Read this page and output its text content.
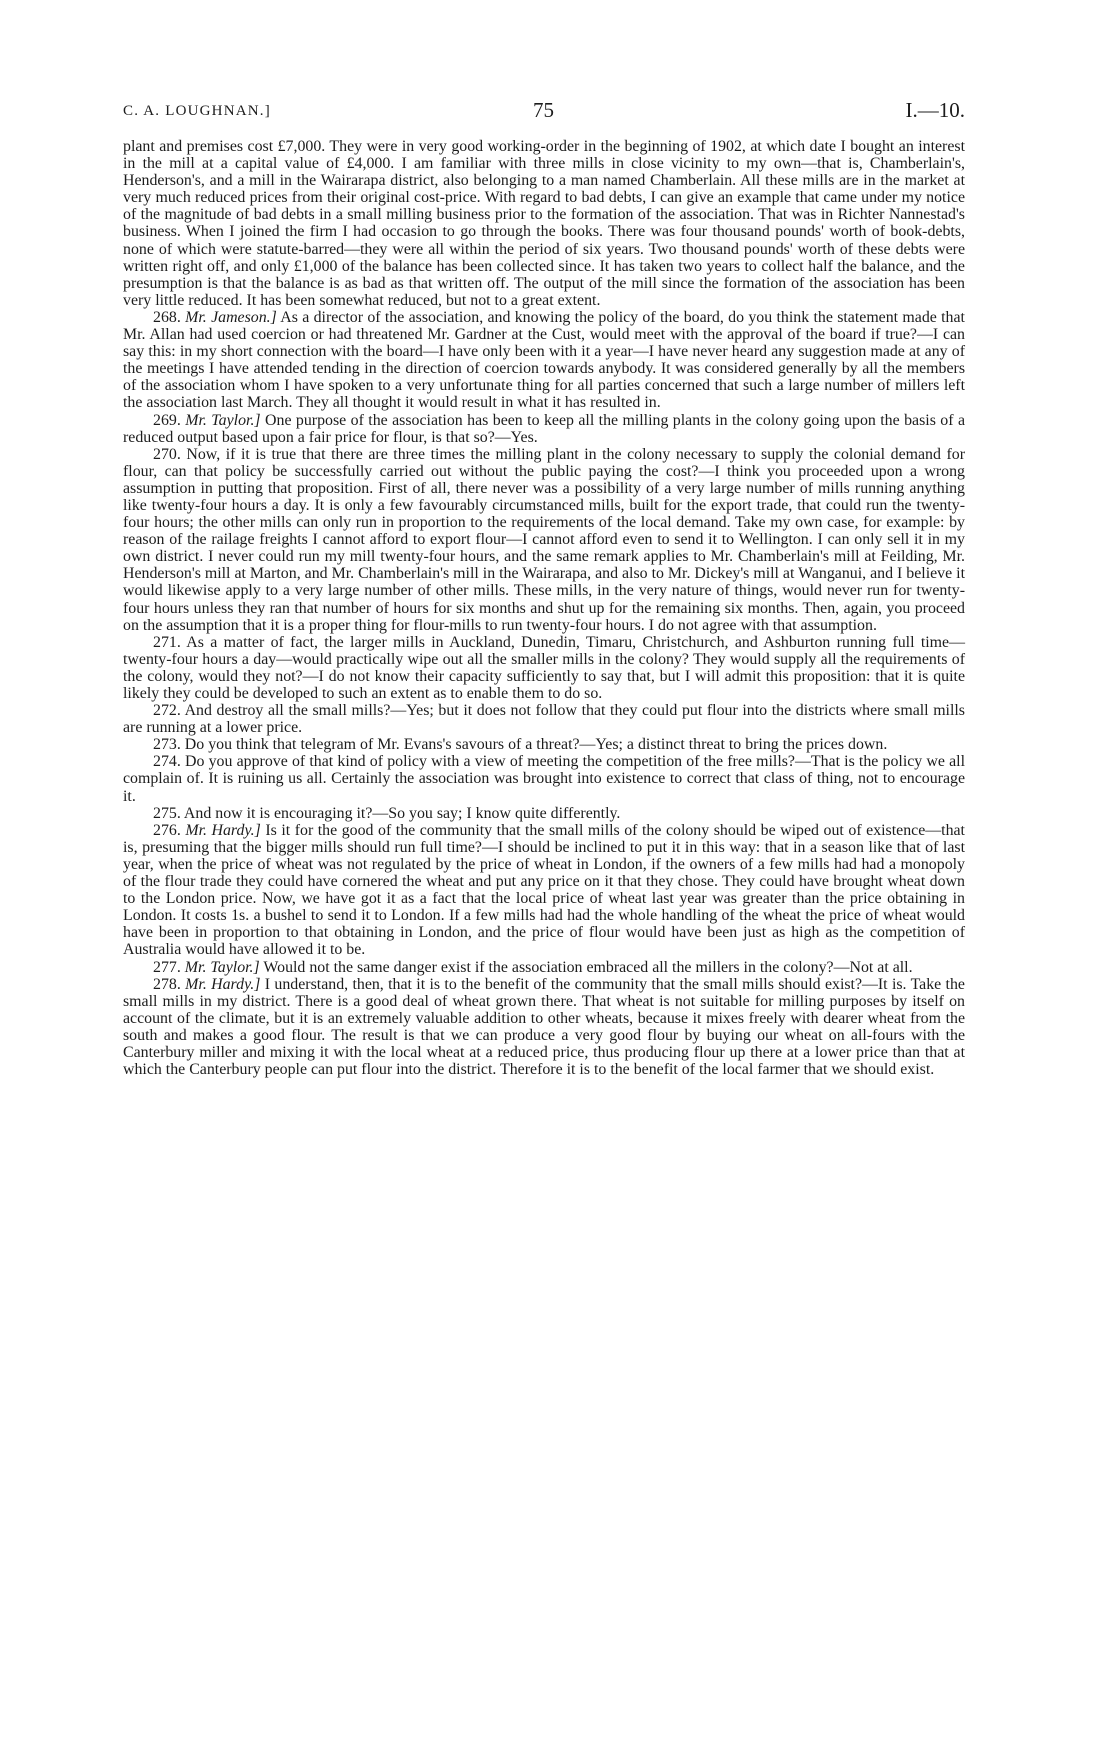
C. A. LOUGHNAN.]	75	I.—10.

plant and premises cost £7,000. They were in very good working-order in the beginning of 1902, at which date I bought an interest in the mill at a capital value of £4,000. I am familiar with three mills in close vicinity to my own—that is, Chamberlain's, Henderson's, and a mill in the Wairarapa district, also belonging to a man named Chamberlain. All these mills are in the market at very much reduced prices from their original cost-price. With regard to bad debts, I can give an example that came under my notice of the magnitude of bad debts in a small milling business prior to the formation of the association. That was in Richter Nannestad's business. When I joined the firm I had occasion to go through the books. There was four thousand pounds' worth of book-debts, none of which were statute-barred—they were all within the period of six years. Two thousand pounds' worth of these debts were written right off, and only £1,000 of the balance has been collected since. It has taken two years to collect half the balance, and the presumption is that the balance is as bad as that written off. The output of the mill since the formation of the association has been very little reduced. It has been somewhat reduced, but not to a great extent.

268. Mr. Jameson.] As a director of the association, and knowing the policy of the board, do you think the statement made that Mr. Allan had used coercion or had threatened Mr. Gardner at the Cust, would meet with the approval of the board if true?—I can say this: in my short connection with the board—I have only been with it a year—I have never heard any suggestion made at any of the meetings I have attended tending in the direction of coercion towards anybody. It was considered generally by all the members of the association whom I have spoken to a very unfortunate thing for all parties concerned that such a large number of millers left the association last March. They all thought it would result in what it has resulted in.

269. Mr. Taylor.] One purpose of the association has been to keep all the milling plants in the colony going upon the basis of a reduced output based upon a fair price for flour, is that so?—Yes.

270. Now, if it is true that there are three times the milling plant in the colony necessary to supply the colonial demand for flour, can that policy be successfully carried out without the public paying the cost?—I think you proceeded upon a wrong assumption in putting that proposition. First of all, there never was a possibility of a very large number of mills running anything like twenty-four hours a day. It is only a few favourably circumstanced mills, built for the export trade, that could run the twenty-four hours; the other mills can only run in proportion to the requirements of the local demand. Take my own case, for example: by reason of the railage freights I cannot afford to export flour—I cannot afford even to send it to Wellington. I can only sell it in my own district. I never could run my mill twenty-four hours, and the same remark applies to Mr. Chamberlain's mill at Feilding, Mr. Henderson's mill at Marton, and Mr. Chamberlain's mill in the Wairarapa, and also to Mr. Dickey's mill at Wanganui, and I believe it would likewise apply to a very large number of other mills. These mills, in the very nature of things, would never run for twenty-four hours unless they ran that number of hours for six months and shut up for the remaining six months. Then, again, you proceed on the assumption that it is a proper thing for flour-mills to run twenty-four hours. I do not agree with that assumption.

271. As a matter of fact, the larger mills in Auckland, Dunedin, Timaru, Christchurch, and Ashburton running full time—twenty-four hours a day—would practically wipe out all the smaller mills in the colony? They would supply all the requirements of the colony, would they not?—I do not know their capacity sufficiently to say that, but I will admit this proposition: that it is quite likely they could be developed to such an extent as to enable them to do so.

272. And destroy all the small mills?—Yes; but it does not follow that they could put flour into the districts where small mills are running at a lower price.

273. Do you think that telegram of Mr. Evans's savours of a threat?—Yes; a distinct threat to bring the prices down.

274. Do you approve of that kind of policy with a view of meeting the competition of the free mills?—That is the policy we all complain of. It is ruining us all. Certainly the association was brought into existence to correct that class of thing, not to encourage it.

275. And now it is encouraging it?—So you say; I know quite differently.

276. Mr. Hardy.] Is it for the good of the community that the small mills of the colony should be wiped out of existence—that is, presuming that the bigger mills should run full time?—I should be inclined to put it in this way: that in a season like that of last year, when the price of wheat was not regulated by the price of wheat in London, if the owners of a few mills had had a monopoly of the flour trade they could have cornered the wheat and put any price on it that they chose. They could have brought wheat down to the London price. Now, we have got it as a fact that the local price of wheat last year was greater than the price obtaining in London. It costs 1s. a bushel to send it to London. If a few mills had had the whole handling of the wheat the price of wheat would have been in proportion to that obtaining in London, and the price of flour would have been just as high as the competition of Australia would have allowed it to be.

277. Mr. Taylor.] Would not the same danger exist if the association embraced all the millers in the colony?—Not at all.

278. Mr. Hardy.] I understand, then, that it is to the benefit of the community that the small mills should exist?—It is. Take the small mills in my district. There is a good deal of wheat grown there. That wheat is not suitable for milling purposes by itself on account of the climate, but it is an extremely valuable addition to other wheats, because it mixes freely with dearer wheat from the south and makes a good flour. The result is that we can produce a very good flour by buying our wheat on all-fours with the Canterbury miller and mixing it with the local wheat at a reduced price, thus producing flour up there at a lower price than that at which the Canterbury people can put flour into the district. Therefore it is to the benefit of the local farmer that we should exist.
